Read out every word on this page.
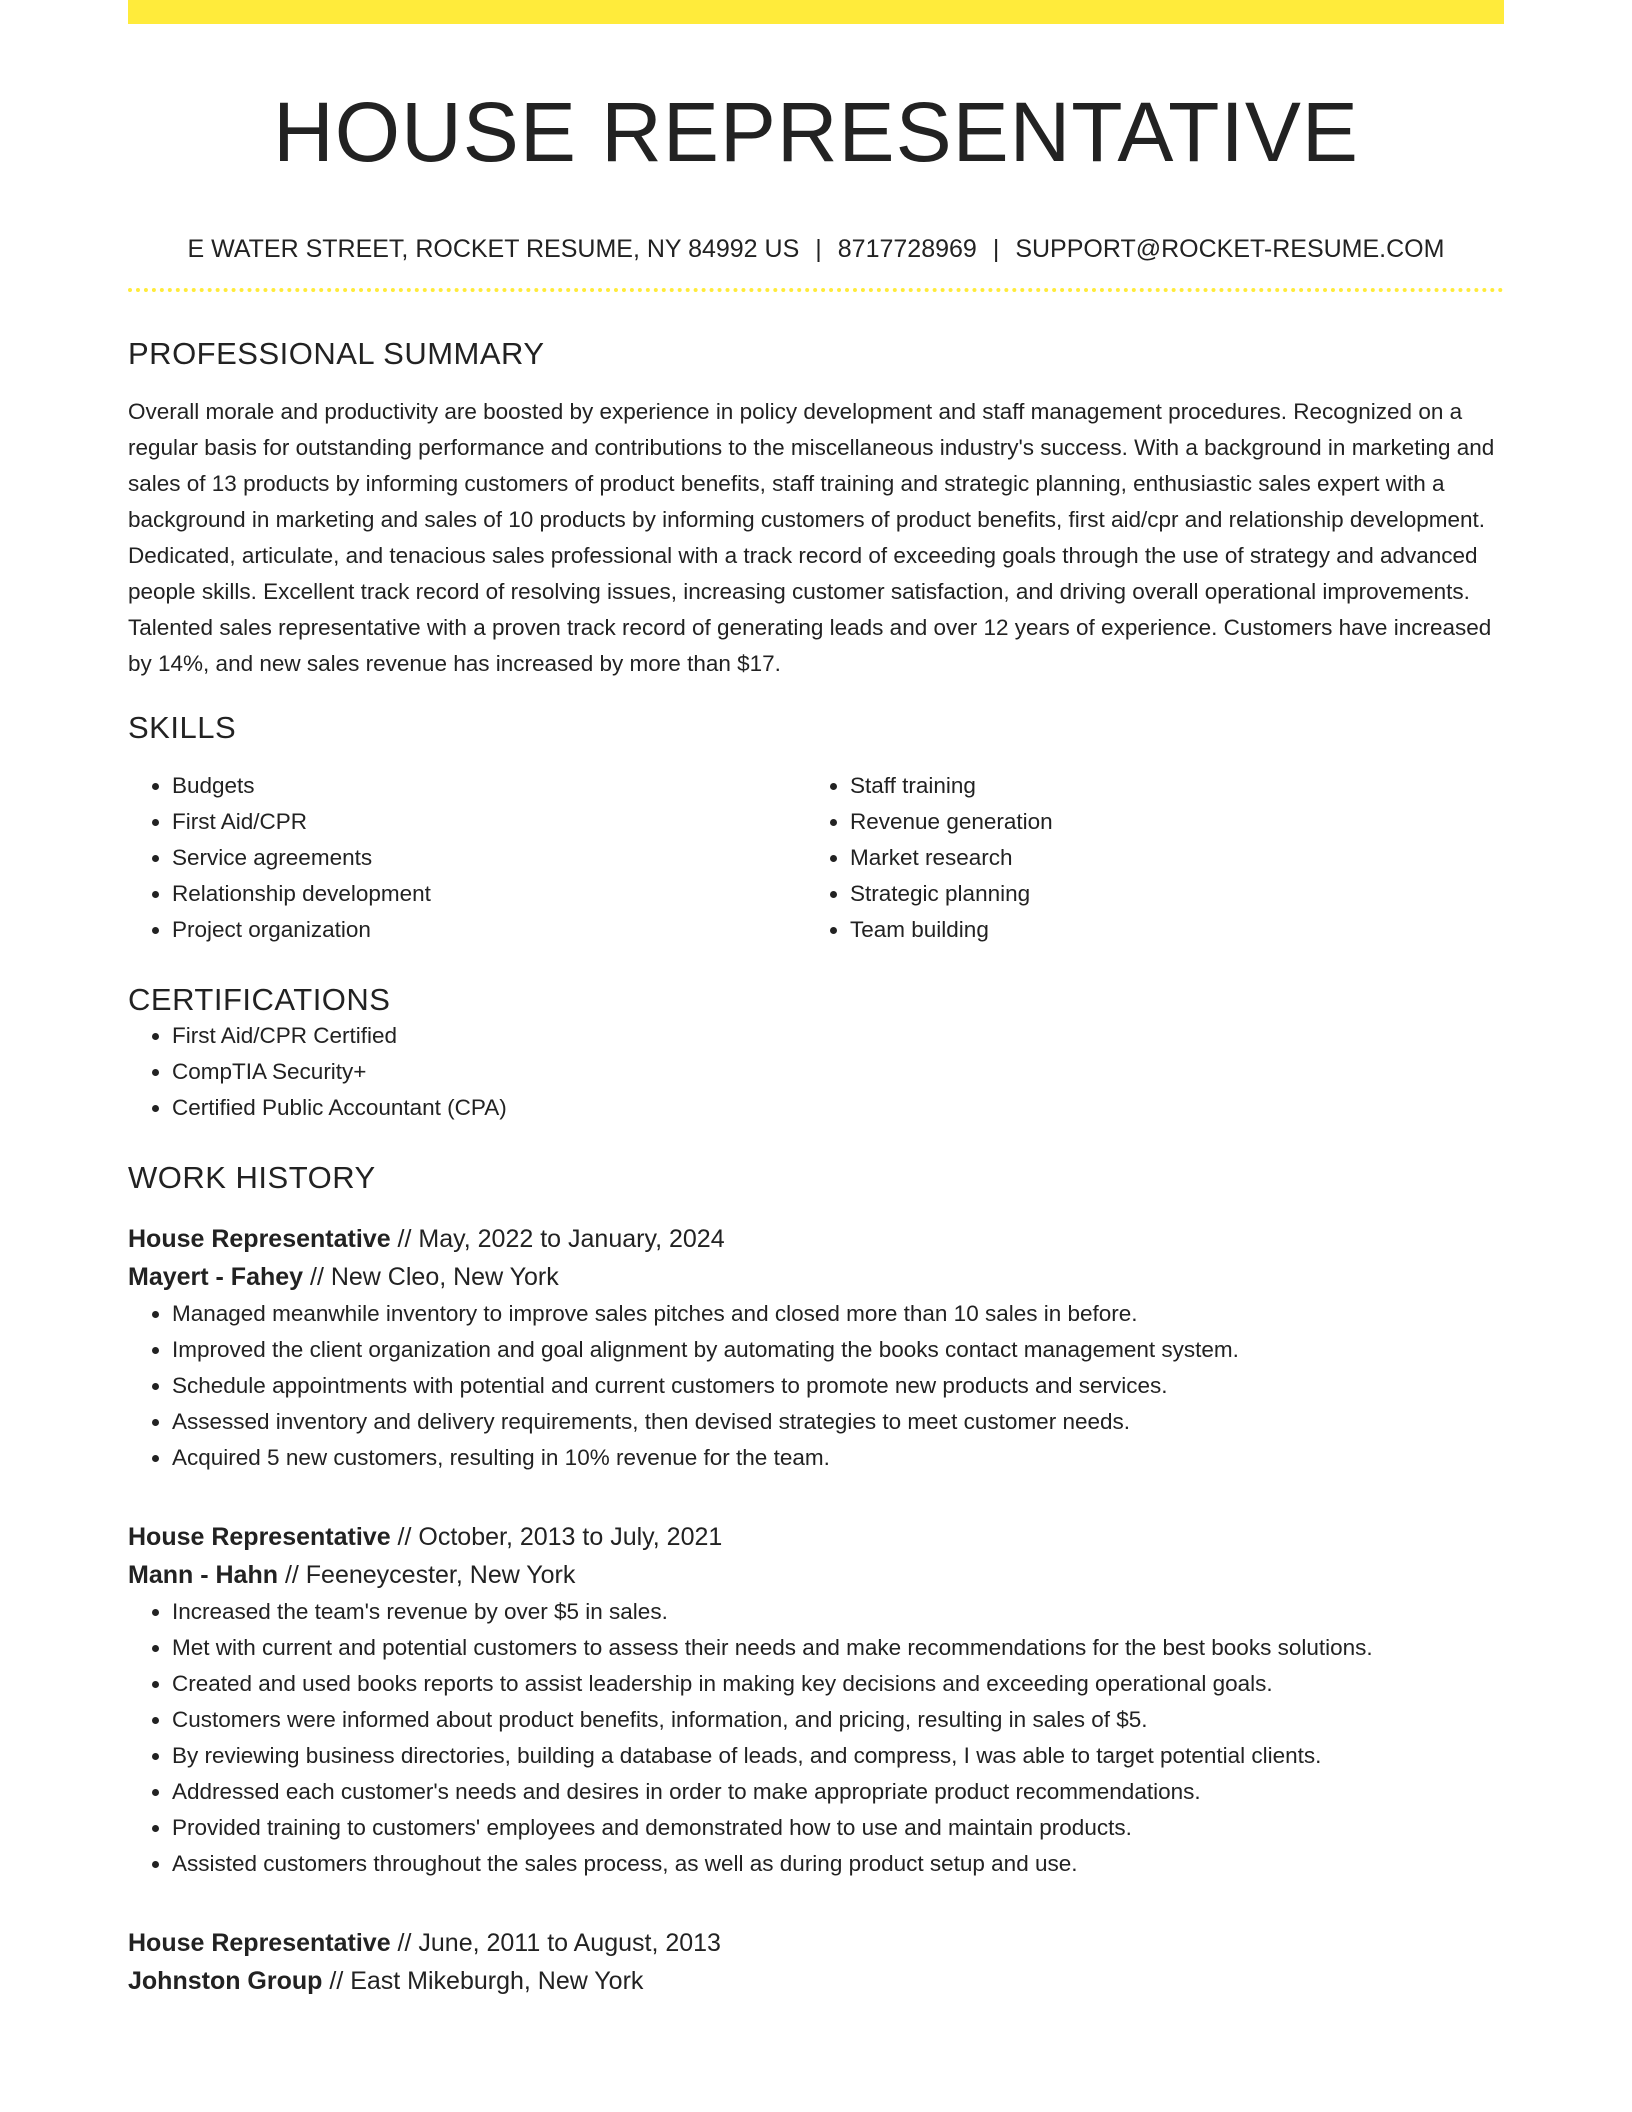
HOUSE REPRESENTATIVE
E WATER STREET, ROCKET RESUME, NY 84992 US | 8717728969 | SUPPORT@ROCKET-RESUME.COM
PROFESSIONAL SUMMARY

Overall morale and productivity are boosted by experience in policy development and staff management procedures. Recognized on a regular basis for outstanding performance and contributions to the miscellaneous industry's success. With a background in marketing and sales of 13 products by informing customers of product benefits, staff training and strategic planning, enthusiastic sales expert with a background in marketing and sales of 10 products by informing customers of product benefits, first aid/cpr and relationship development. Dedicated, articulate, and tenacious sales professional with a track record of exceeding goals through the use of strategy and advanced people skills. Excellent track record of resolving issues, increasing customer satisfaction, and driving overall operational improvements. Talented sales representative with a proven track record of generating leads and over 12 years of experience. Customers have increased by 14%, and new sales revenue has increased by more than $17.

SKILLS
• Budgets
• First Aid/CPR
• Service agreements
• Relationship development
• Project organization
• Staff training
• Revenue generation
• Market research
• Strategic planning
• Team building
CERTIFICATIONS
• First Aid/CPR Certified
• CompTIA Security+
• Certified Public Accountant (CPA)
WORK HISTORY
House Representative // May, 2022 to January, 2024
Mayert - Fahey // New Cleo, New York
• Managed meanwhile inventory to improve sales pitches and closed more than 10 sales in before.
• Improved the client organization and goal alignment by automating the books contact management system.
• Schedule appointments with potential and current customers to promote new products and services.
• Assessed inventory and delivery requirements, then devised strategies to meet customer needs.
• Acquired 5 new customers, resulting in 10% revenue for the team.
House Representative // October, 2013 to July, 2021
Mann - Hahn // Feeneycester, New York
• Increased the team's revenue by over $5 in sales.
• Met with current and potential customers to assess their needs and make recommendations for the best books solutions.
• Created and used books reports to assist leadership in making key decisions and exceeding operational goals.
• Customers were informed about product benefits, information, and pricing, resulting in sales of $5.
• By reviewing business directories, building a database of leads, and compress, I was able to target potential clients.
• Addressed each customer's needs and desires in order to make appropriate product recommendations.
• Provided training to customers' employees and demonstrated how to use and maintain products.
• Assisted customers throughout the sales process, as well as during product setup and use.
House Representative // June, 2011 to August, 2013
Johnston Group // East Mikeburgh, New York
